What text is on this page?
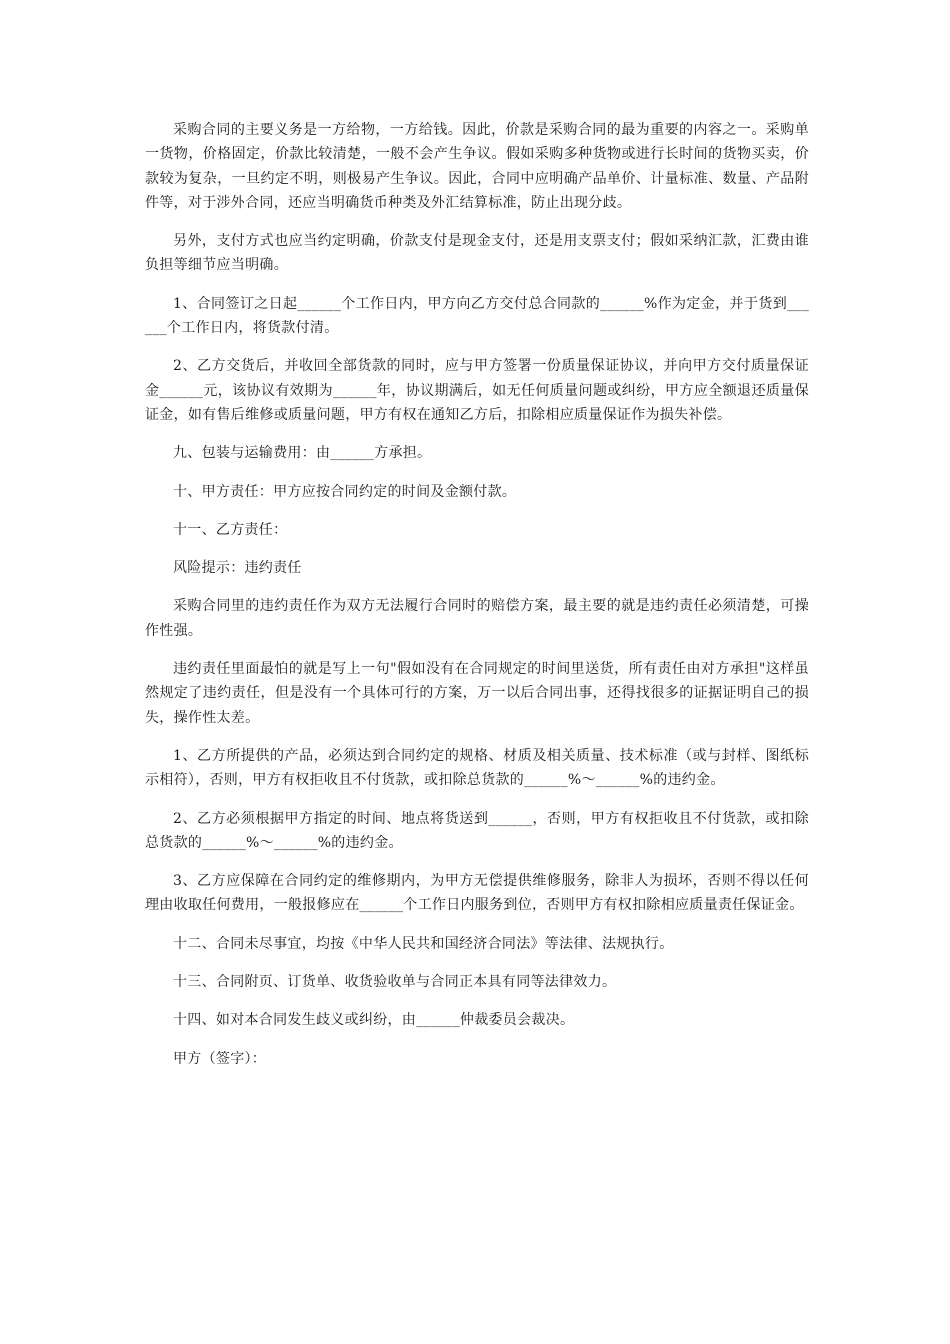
采购合同的主要义务是一方给物，一方给钱。因此，价款是采购合同的最为重要的内容之一。采购单一货物，价格固定，价款比较清楚，一般不会产生争议。假如采购多种货物或进行长时间的货物买卖，价款较为复杂，一旦约定不明，则极易产生争议。因此，合同中应明确产品单价、计量标准、数量、产品附件等，对于涉外合同，还应当明确货币种类及外汇结算标准，防止出现分歧。

另外，支付方式也应当约定明确，价款支付是现金支付，还是用支票支付；假如采纳汇款，汇费由谁负担等细节应当明确。

1、合同签订之日起______个工作日内，甲方向乙方交付总合同款的______%作为定金，并于货到______个工作日内，将货款付清。

2、乙方交货后，并收回全部货款的同时，应与甲方签署一份质量保证协议，并向甲方交付质量保证金______元，该协议有效期为______年，协议期满后，如无任何质量问题或纠纷，甲方应全额退还质量保证金，如有售后维修或质量问题，甲方有权在通知乙方后，扣除相应质量保证作为损失补偿。

九、包装与运输费用：由______方承担。

十、甲方责任：甲方应按合同约定的时间及金额付款。

十一、乙方责任：

风险提示：违约责任

采购合同里的违约责任作为双方无法履行合同时的赔偿方案，最主要的就是违约责任必须清楚，可操作性强。

违约责任里面最怕的就是写上一句"假如没有在合同规定的时间里送货，所有责任由对方承担"这样虽然规定了违约责任，但是没有一个具体可行的方案，万一以后合同出事，还得找很多的证据证明自己的损失，操作性太差。

1、乙方所提供的产品，必须达到合同约定的规格、材质及相关质量、技术标准（或与封样、图纸标示相符），否则，甲方有权拒收且不付货款，或扣除总货款的______%～______%的违约金。

2、乙方必须根据甲方指定的时间、地点将货送到______，否则，甲方有权拒收且不付货款，或扣除总货款的______%～______%的违约金。

3、乙方应保障在合同约定的维修期内，为甲方无偿提供维修服务，除非人为损坏，否则不得以任何理由收取任何费用，一般报修应在______个工作日内服务到位，否则甲方有权扣除相应质量责任保证金。

十二、合同未尽事宜，均按《中华人民共和国经济合同法》等法律、法规执行。

十三、合同附页、订货单、收货验收单与合同正本具有同等法律效力。

十四、如对本合同发生歧义或纠纷，由______仲裁委员会裁决。

甲方（签字）：
